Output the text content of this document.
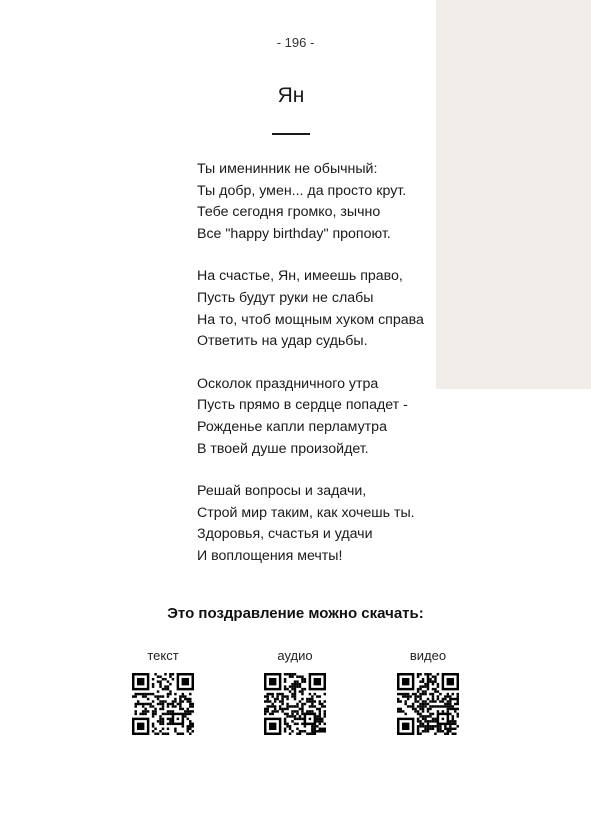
- 196 -
Ян
Ты именинник не обычный:
Ты добр, умен... да просто крут.
Тебе сегодня громко, зычно
Все "happy birthday" пропоют.
На счастье, Ян, имеешь право,
Пусть будут руки не слабы
На то, чтоб мощным хуком справа
Ответить на удар судьбы.
Осколок праздничного утра
Пусть прямо в сердце попадет -
Рожденье капли перламутра
В твоей душе произойдет.
Решай вопросы и задачи,
Строй мир таким, как хочешь ты.
Здоровья, счастья и удачи
И воплощения мечты!
Это поздравление можно скачать:
текст	аудио	видео
